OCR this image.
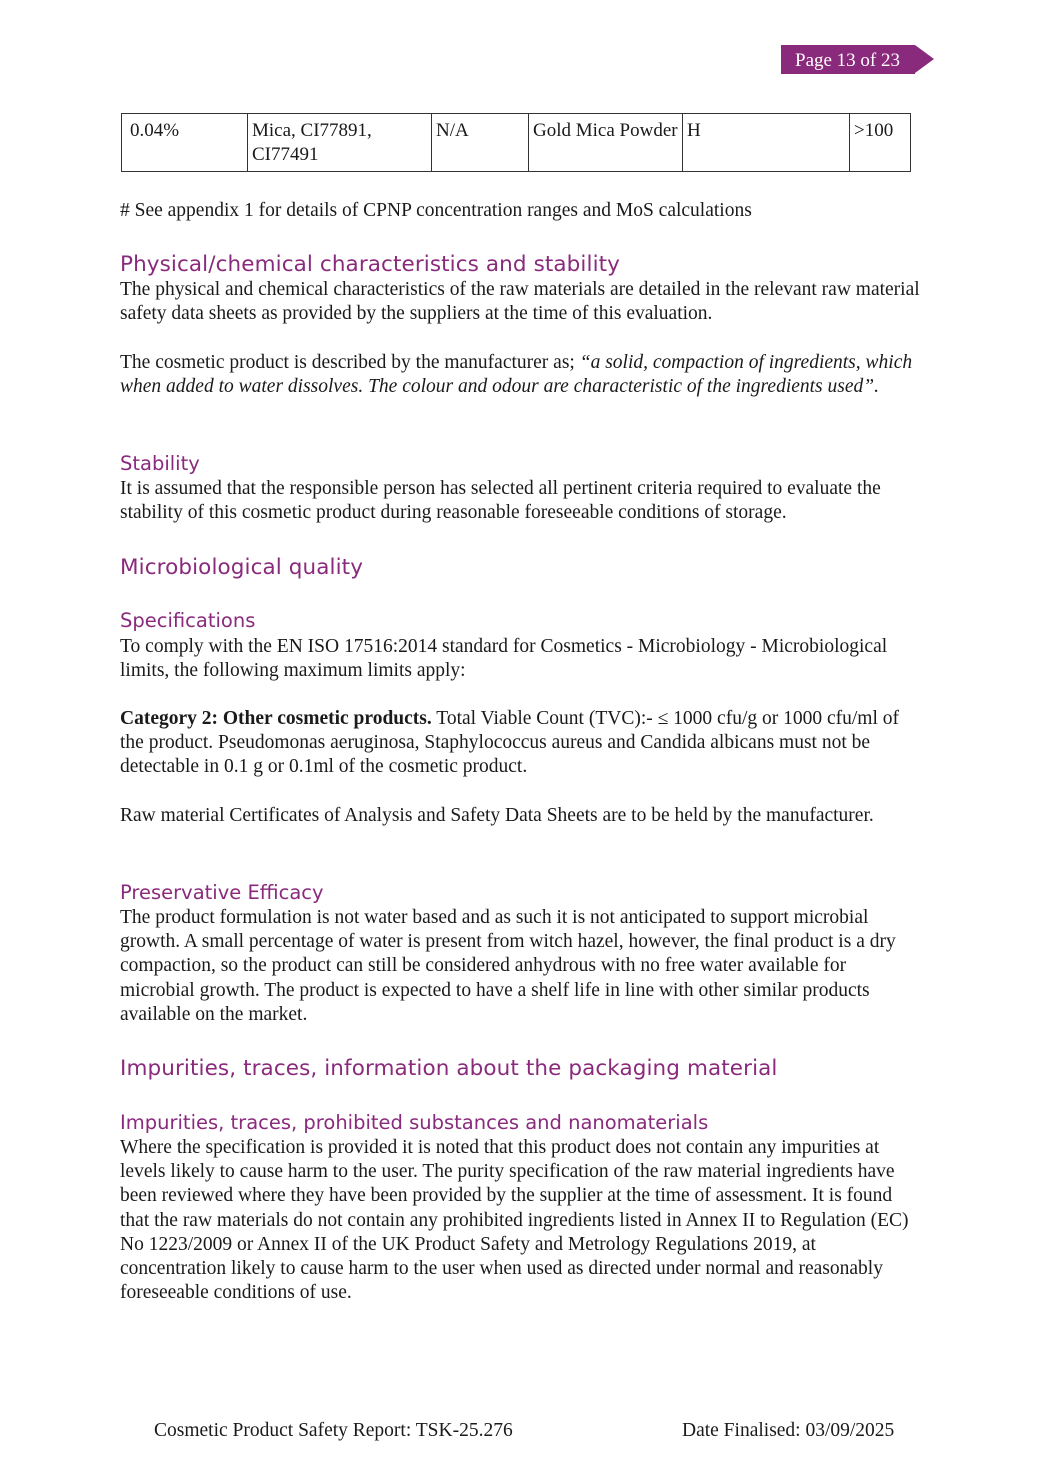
Page 13 of 23
0.04%	Mica, CI77891, CI77491	N/A	Gold Mica Powder	H	>100

# See appendix 1 for details of CPNP concentration ranges and MoS calculations

Physical/chemical characteristics and stability

The physical and chemical characteristics of the raw materials are detailed in the relevant raw material safety data sheets as provided by the suppliers at the time of this evaluation.

The cosmetic product is described by the manufacturer as; “a solid, compaction of ingredients, which when added to water dissolves. The colour and odour are characteristic of the ingredients used”.

Stability

It is assumed that the responsible person has selected all pertinent criteria required to evaluate the stability of this cosmetic product during reasonable foreseeable conditions of storage.

Microbiological quality
Specifications

To comply with the EN ISO 17516:2014 standard for Cosmetics - Microbiology - Microbiological limits, the following maximum limits apply:

Category 2: Other cosmetic products. Total Viable Count (TVC):- ≤ 1000 cfu/g or 1000 cfu/ml of the product. Pseudomonas aeruginosa, Staphylococcus aureus and Candida albicans must not be detectable in 0.1 g or 0.1ml of the cosmetic product.

Raw material Certificates of Analysis and Safety Data Sheets are to be held by the manufacturer.

Preservative Efficacy

The product formulation is not water based and as such it is not anticipated to support microbial growth. A small percentage of water is present from witch hazel, however, the final product is a dry compaction, so the product can still be considered anhydrous with no free water available for microbial growth. The product is expected to have a shelf life in line with other similar products available on the market.

Impurities, traces, information about the packaging material
Impurities, traces, prohibited substances and nanomaterials

Where the specification is provided it is noted that this product does not contain any impurities at levels likely to cause harm to the user. The purity specification of the raw material ingredients have been reviewed where they have been provided by the supplier at the time of assessment. It is found that the raw materials do not contain any prohibited ingredients listed in Annex II to Regulation (EC) No 1223/2009 or Annex II of the UK Product Safety and Metrology Regulations 2019, at concentration likely to cause harm to the user when used as directed under normal and reasonably foreseeable conditions of use.

Cosmetic Product Safety Report: TSK-25.276	Date Finalised: 03/09/2025
